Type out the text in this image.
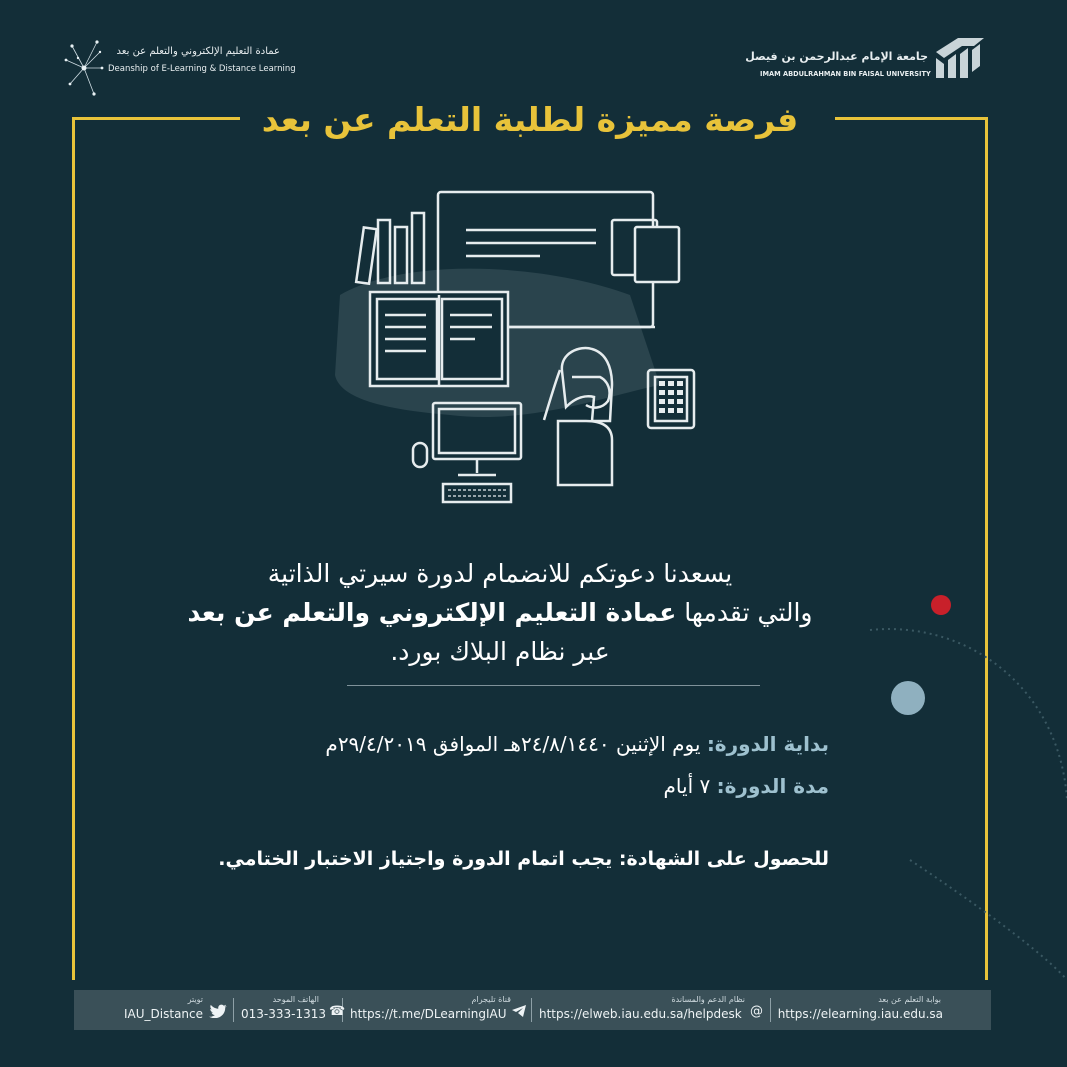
عمادة التعليم الإلكتروني والتعلم عن بعد
Deanship of E-Learning & Distance Learning
جامعة الإمام عبدالرحمن بن فيصل
IMAM ABDULRAHMAN BIN FAISAL UNIVERSITY
فرصة مميزة لطلبة التعلم عن بعد
يسعدنا دعوتكم للانضمام لدورة سيرتي الذاتية
والتي تقدمها عمادة التعليم الإلكتروني والتعلم عن بعد
عبر نظام البلاك بورد.
بداية الدورة: يوم الإثنين ٢٤/٨/١٤٤٠هـ الموافق ٢٩/٤/٢٠١٩م
مدة الدورة: ٧ أيام
للحصول على الشهادة: يجب اتمام الدورة واجتياز الاختبار الختامي.
بوابة التعلم عن بعد
https://elearning.iau.edu.sa
@
نظام الدعم والمساندة
https://elweb.iau.edu.sa/helpdesk
قناة تليجرام
https://t.me/DLearningIAU
☎
الهاتف الموحد
013-333-1313
تويتر
IAU_Distance
